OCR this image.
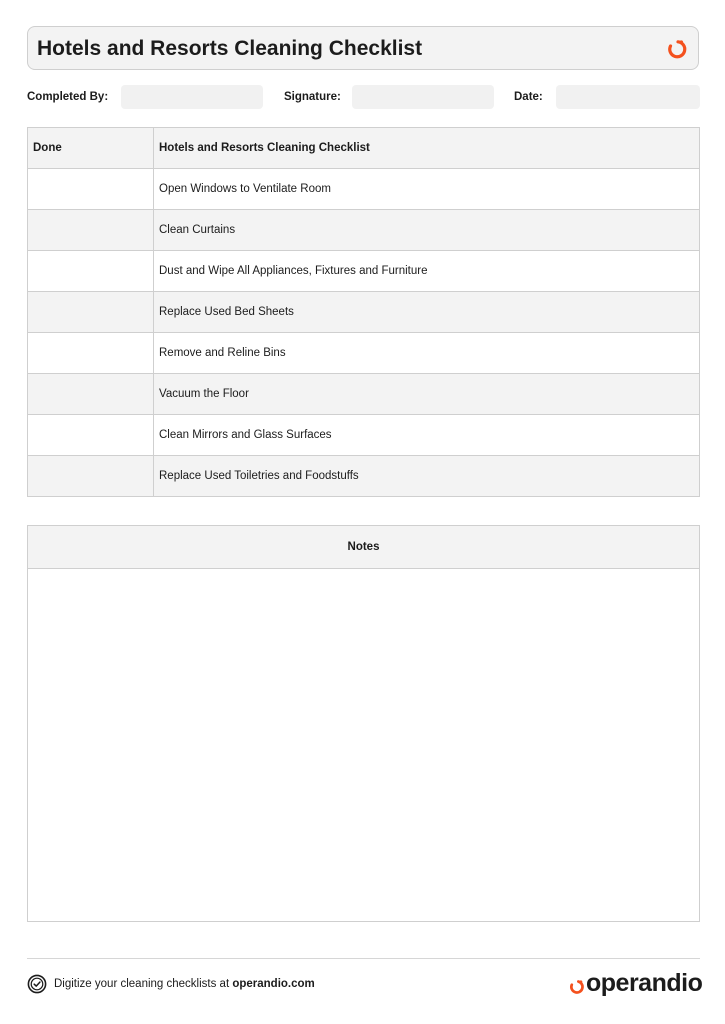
Hotels and Resorts Cleaning Checklist
Completed By:	Signature:	Date:
Done	Hotels and Resorts Cleaning Checklist
	Open Windows to Ventilate Room
	Clean Curtains
	Dust and Wipe All Appliances, Fixtures and Furniture
	Replace Used Bed Sheets
	Remove and Reline Bins
	Vacuum the Floor
	Clean Mirrors and Glass Surfaces
	Replace Used Toiletries and Foodstuffs
Notes
Digitize your cleaning checklists at operandio.com	operandio
